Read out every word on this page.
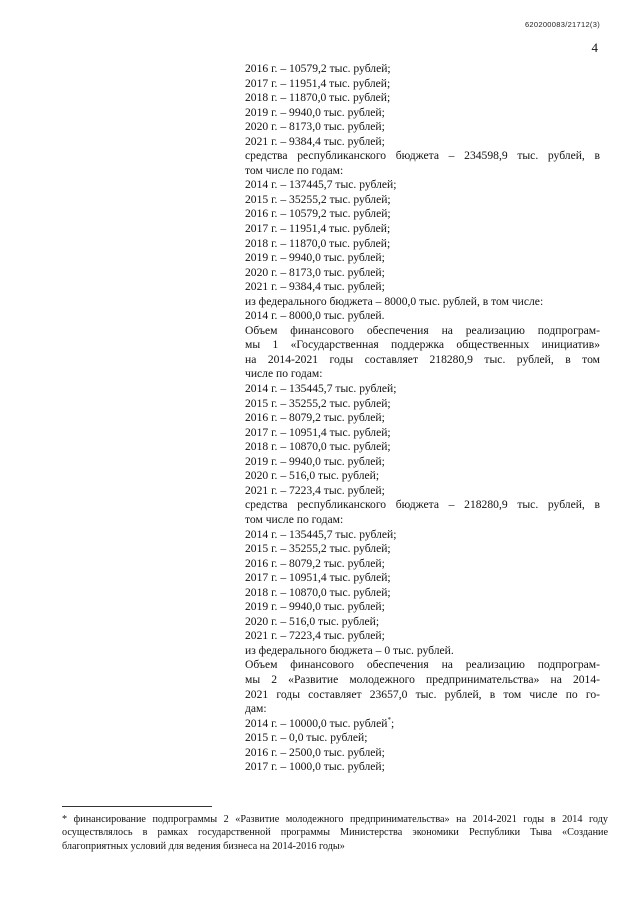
620200083/21712(3)
4
2016 г. – 10579,2 тыс. рублей;
2017 г. – 11951,4 тыс. рублей;
2018 г. – 11870,0 тыс. рублей;
2019 г. – 9940,0 тыс. рублей;
2020 г. – 8173,0 тыс. рублей;
2021 г. – 9384,4 тыс. рублей;
средства республиканского бюджета – 234598,9 тыс. рублей, в
том числе по годам:
2014 г. – 137445,7 тыс. рублей;
2015 г. – 35255,2 тыс. рублей;
2016 г. – 10579,2 тыс. рублей;
2017 г. – 11951,4 тыс. рублей;
2018 г. – 11870,0 тыс. рублей;
2019 г. – 9940,0 тыс. рублей;
2020 г. – 8173,0 тыс. рублей;
2021 г. – 9384,4 тыс. рублей;
из федерального бюджета – 8000,0 тыс. рублей, в том числе:
2014 г. – 8000,0 тыс. рублей.
Объем финансового обеспечения на реализацию подпрограм-
мы 1 «Государственная поддержка общественных инициатив»
на 2014-2021 годы составляет 218280,9 тыс. рублей, в том
числе по годам:
2014 г. – 135445,7 тыс. рублей;
2015 г. – 35255,2 тыс. рублей;
2016 г. – 8079,2 тыс. рублей;
2017 г. – 10951,4 тыс. рублей;
2018 г. – 10870,0 тыс. рублей;
2019 г. – 9940,0 тыс. рублей;
2020 г. – 516,0 тыс. рублей;
2021 г. – 7223,4 тыс. рублей;
средства республиканского бюджета – 218280,9 тыс. рублей, в
том числе по годам:
2014 г. – 135445,7 тыс. рублей;
2015 г. – 35255,2 тыс. рублей;
2016 г. – 8079,2 тыс. рублей;
2017 г. – 10951,4 тыс. рублей;
2018 г. – 10870,0 тыс. рублей;
2019 г. – 9940,0 тыс. рублей;
2020 г. – 516,0 тыс. рублей;
2021 г. – 7223,4 тыс. рублей;
из федерального бюджета – 0 тыс. рублей.
Объем финансового обеспечения на реализацию подпрограм-
мы 2 «Развитие молодежного предпринимательства» на 2014-
2021 годы составляет 23657,0 тыс. рублей, в том числе по го-
дам:
2014 г. – 10000,0 тыс. рублей*;
2015 г. – 0,0 тыс. рублей;
2016 г. – 2500,0 тыс. рублей;
2017 г. – 1000,0 тыс. рублей;
* финансирование подпрограммы 2 «Развитие молодежного предпринимательства» на 2014-2021 годы в 2014 году осуществлялось в рамках государственной программы Министерства экономики Республики Тыва «Создание благоприятных условий для ведения бизнеса на 2014-2016 годы»
